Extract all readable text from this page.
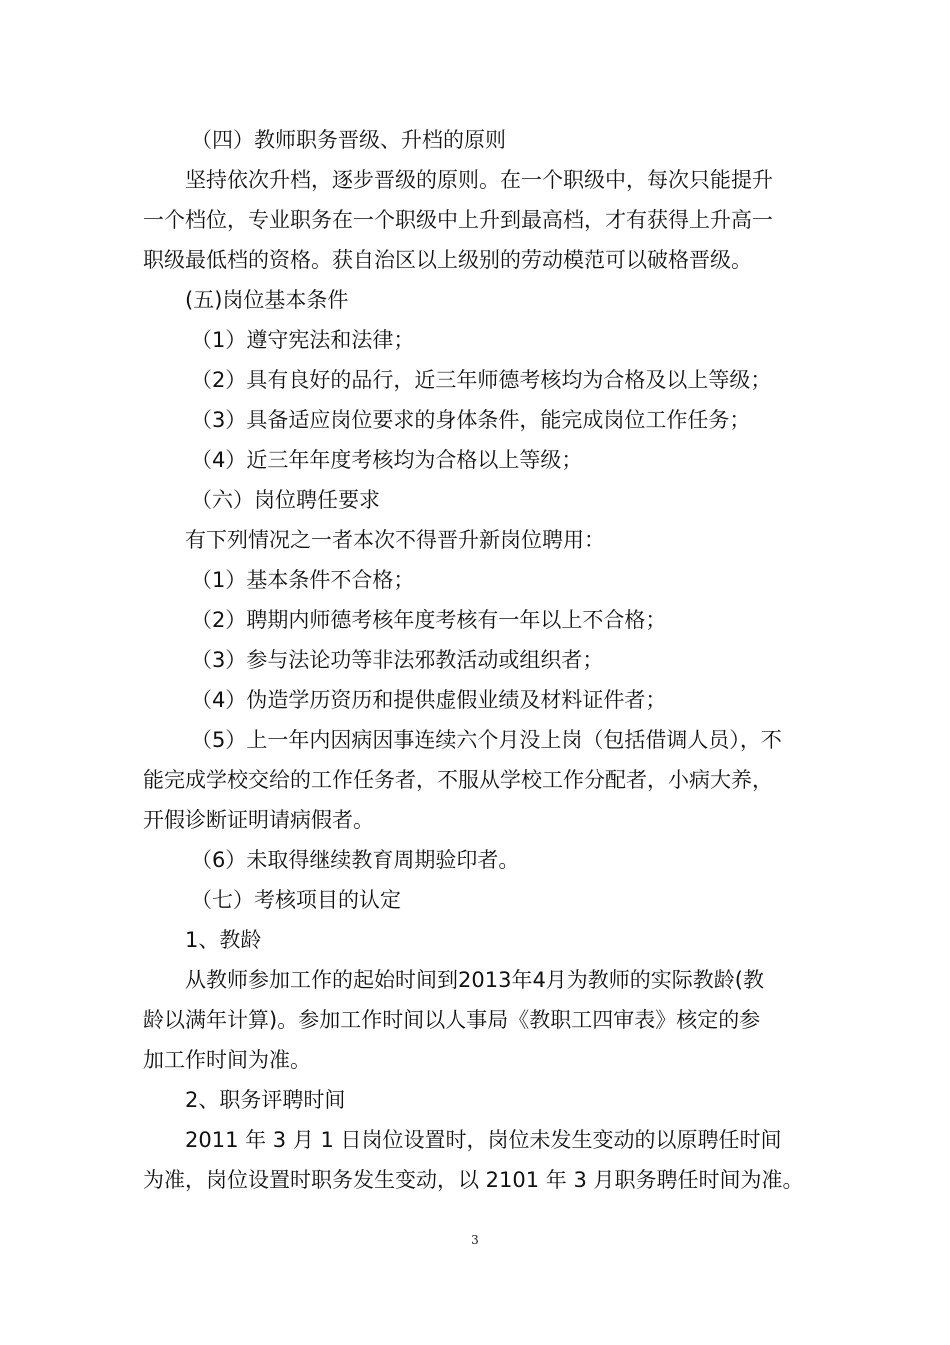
（四）教师职务晋级、升档的原则
坚持依次升档，逐步晋级的原则。在一个职级中，每次只能提升
一个档位，专业职务在一个职级中上升到最高档，才有获得上升高一
职级最低档的资格。获自治区以上级别的劳动模范可以破格晋级。
(五)岗位基本条件
（1）遵守宪法和法律；
（2）具有良好的品行，近三年师德考核均为合格及以上等级；
（3）具备适应岗位要求的身体条件，能完成岗位工作任务；
（4）近三年年度考核均为合格以上等级；
（六）岗位聘任要求
有下列情况之一者本次不得晋升新岗位聘用：
（1）基本条件不合格；
（2）聘期内师德考核年度考核有一年以上不合格；
（3）参与法论功等非法邪教活动或组织者；
（4）伪造学历资历和提供虚假业绩及材料证件者；
（5）上一年内因病因事连续六个月没上岗（包括借调人员），不
能完成学校交给的工作任务者，不服从学校工作分配者，小病大养，
开假诊断证明请病假者。
（6）未取得继续教育周期验印者。
（七）考核项目的认定
1、教龄
从教师参加工作的起始时间到2013年4月为教师的实际教龄(教
龄以满年计算)。参加工作时间以人事局《教职工四审表》核定的参
加工作时间为准。
2、职务评聘时间
2011 年 3 月 1 日岗位设置时，岗位未发生变动的以原聘任时间
为准，岗位设置时职务发生变动，以 2101 年 3 月职务聘任时间为准。
3
